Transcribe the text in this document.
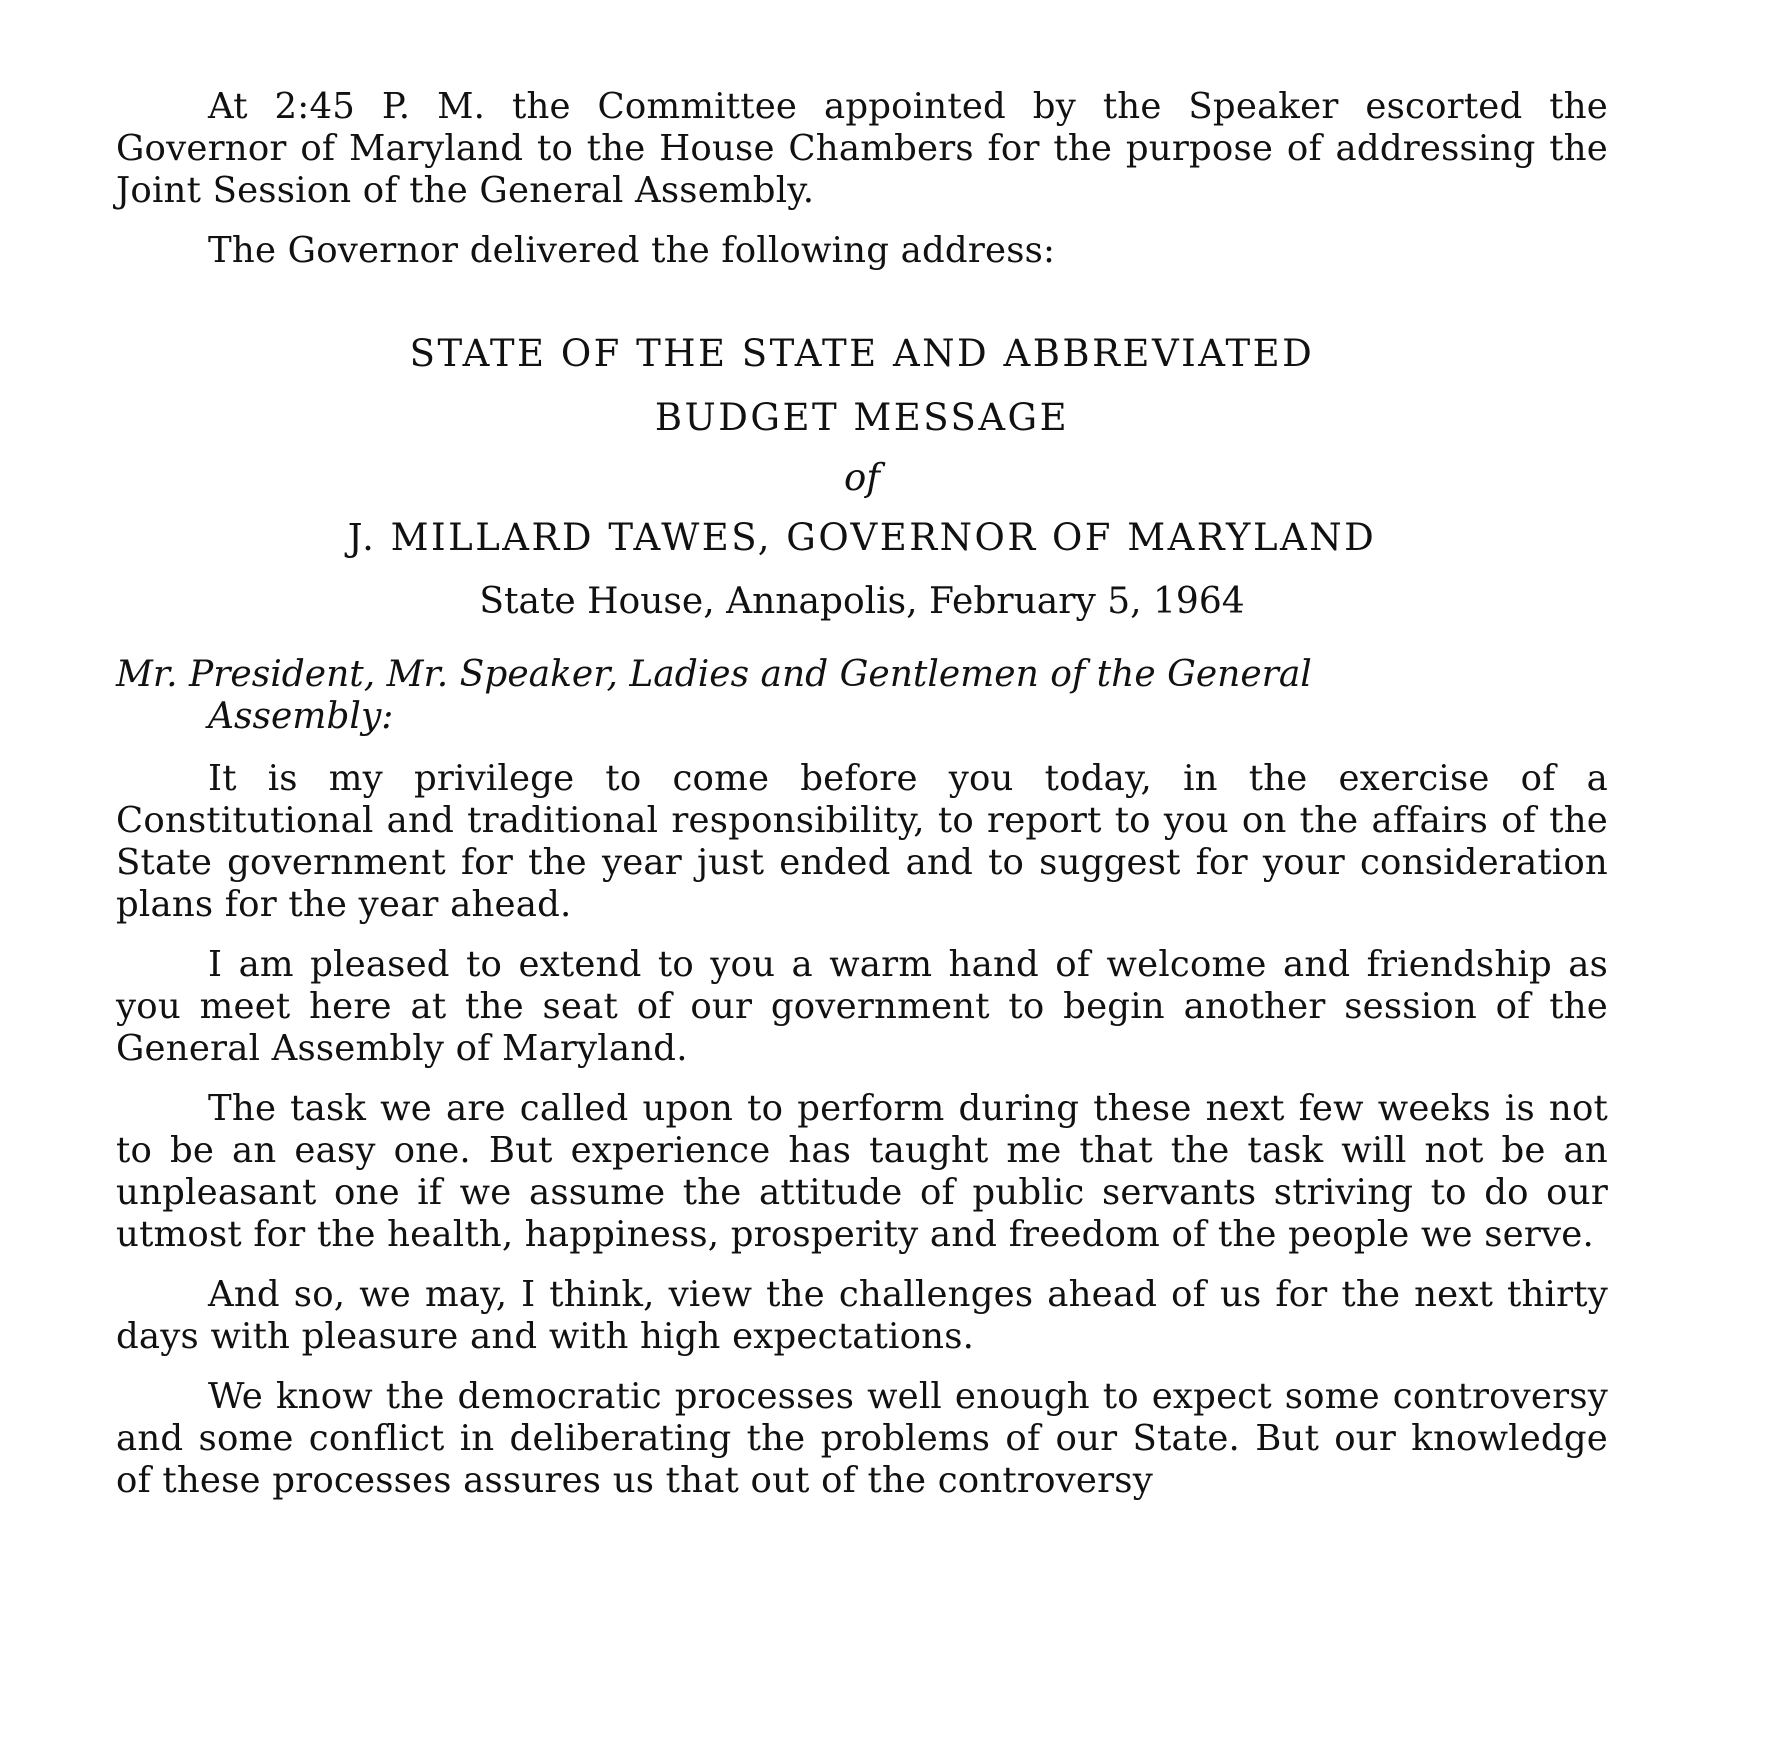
At 2:45 P. M. the Committee appointed by the Speaker escorted the Governor of Maryland to the House Chambers for the purpose of addressing the Joint Session of the General Assembly.

The Governor delivered the following address:

STATE OF THE STATE AND ABBREVIATED

BUDGET MESSAGE

of

J. MILLARD TAWES, GOVERNOR OF MARYLAND

State House, Annapolis, February 5, 1964

Mr. President, Mr. Speaker, Ladies and Gentlemen of the General Assembly:

It is my privilege to come before you today, in the exercise of a Constitutional and traditional responsibility, to report to you on the affairs of the State government for the year just ended and to suggest for your consideration plans for the year ahead.

I am pleased to extend to you a warm hand of welcome and friendship as you meet here at the seat of our government to begin another session of the General Assembly of Maryland.

The task we are called upon to perform during these next few weeks is not to be an easy one. But experience has taught me that the task will not be an unpleasant one if we assume the attitude of public servants striving to do our utmost for the health, happiness, prosperity and freedom of the people we serve.

And so, we may, I think, view the challenges ahead of us for the next thirty days with pleasure and with high expectations.

We know the democratic processes well enough to expect some controversy and some conflict in deliberating the problems of our State. But our knowledge of these processes assures us that out of the controversy
